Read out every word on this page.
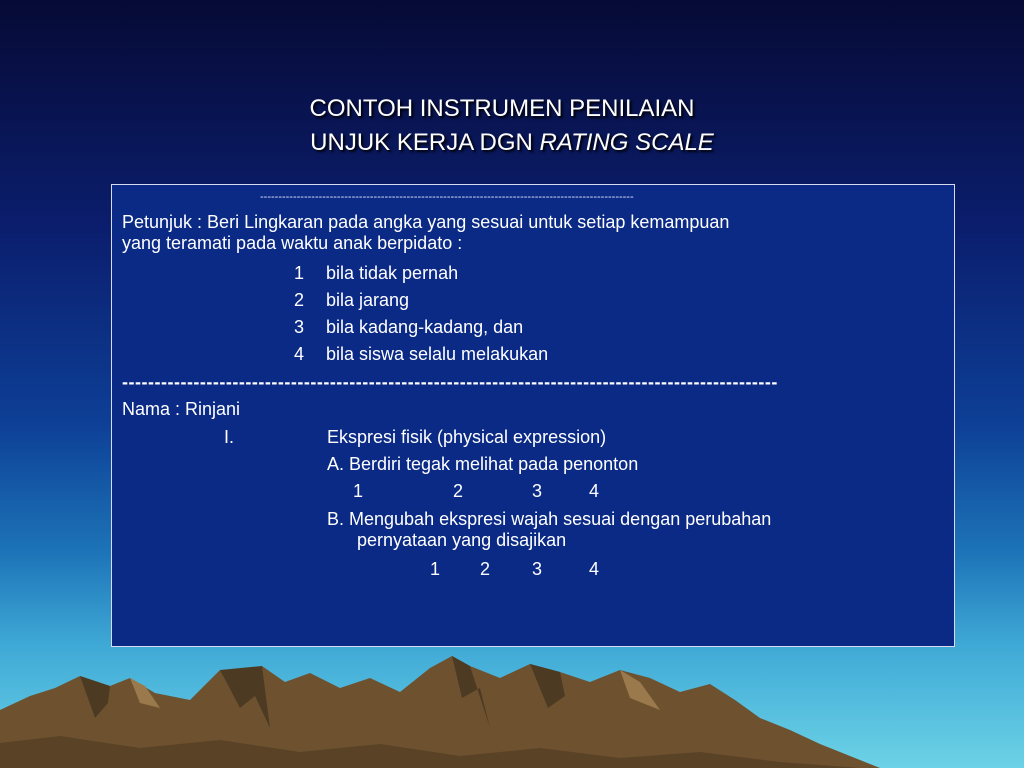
CONTOH INSTRUMEN PENILAIAN
UNJUK KERJA DGN RATING SCALE
------------------------------------------------------------------------------------------------------
Petunjuk : Beri Lingkaran pada angka yang sesuai untuk setiap kemampuan
yang teramati pada waktu anak berpidato :
1 bila tidak pernah
2 bila jarang
3 bila kadang-kadang, dan
4 bila siswa selalu melakukan
-----------------------------------------------------------------------------------------------------
Nama : Rinjani
I.	Ekspresi fisik (physical expression)
A. Berdiri tegak melihat pada penonton
1	2	3	4
B. Mengubah ekspresi wajah sesuai dengan perubahan
pernyataan yang disajikan
1 2 3	4
